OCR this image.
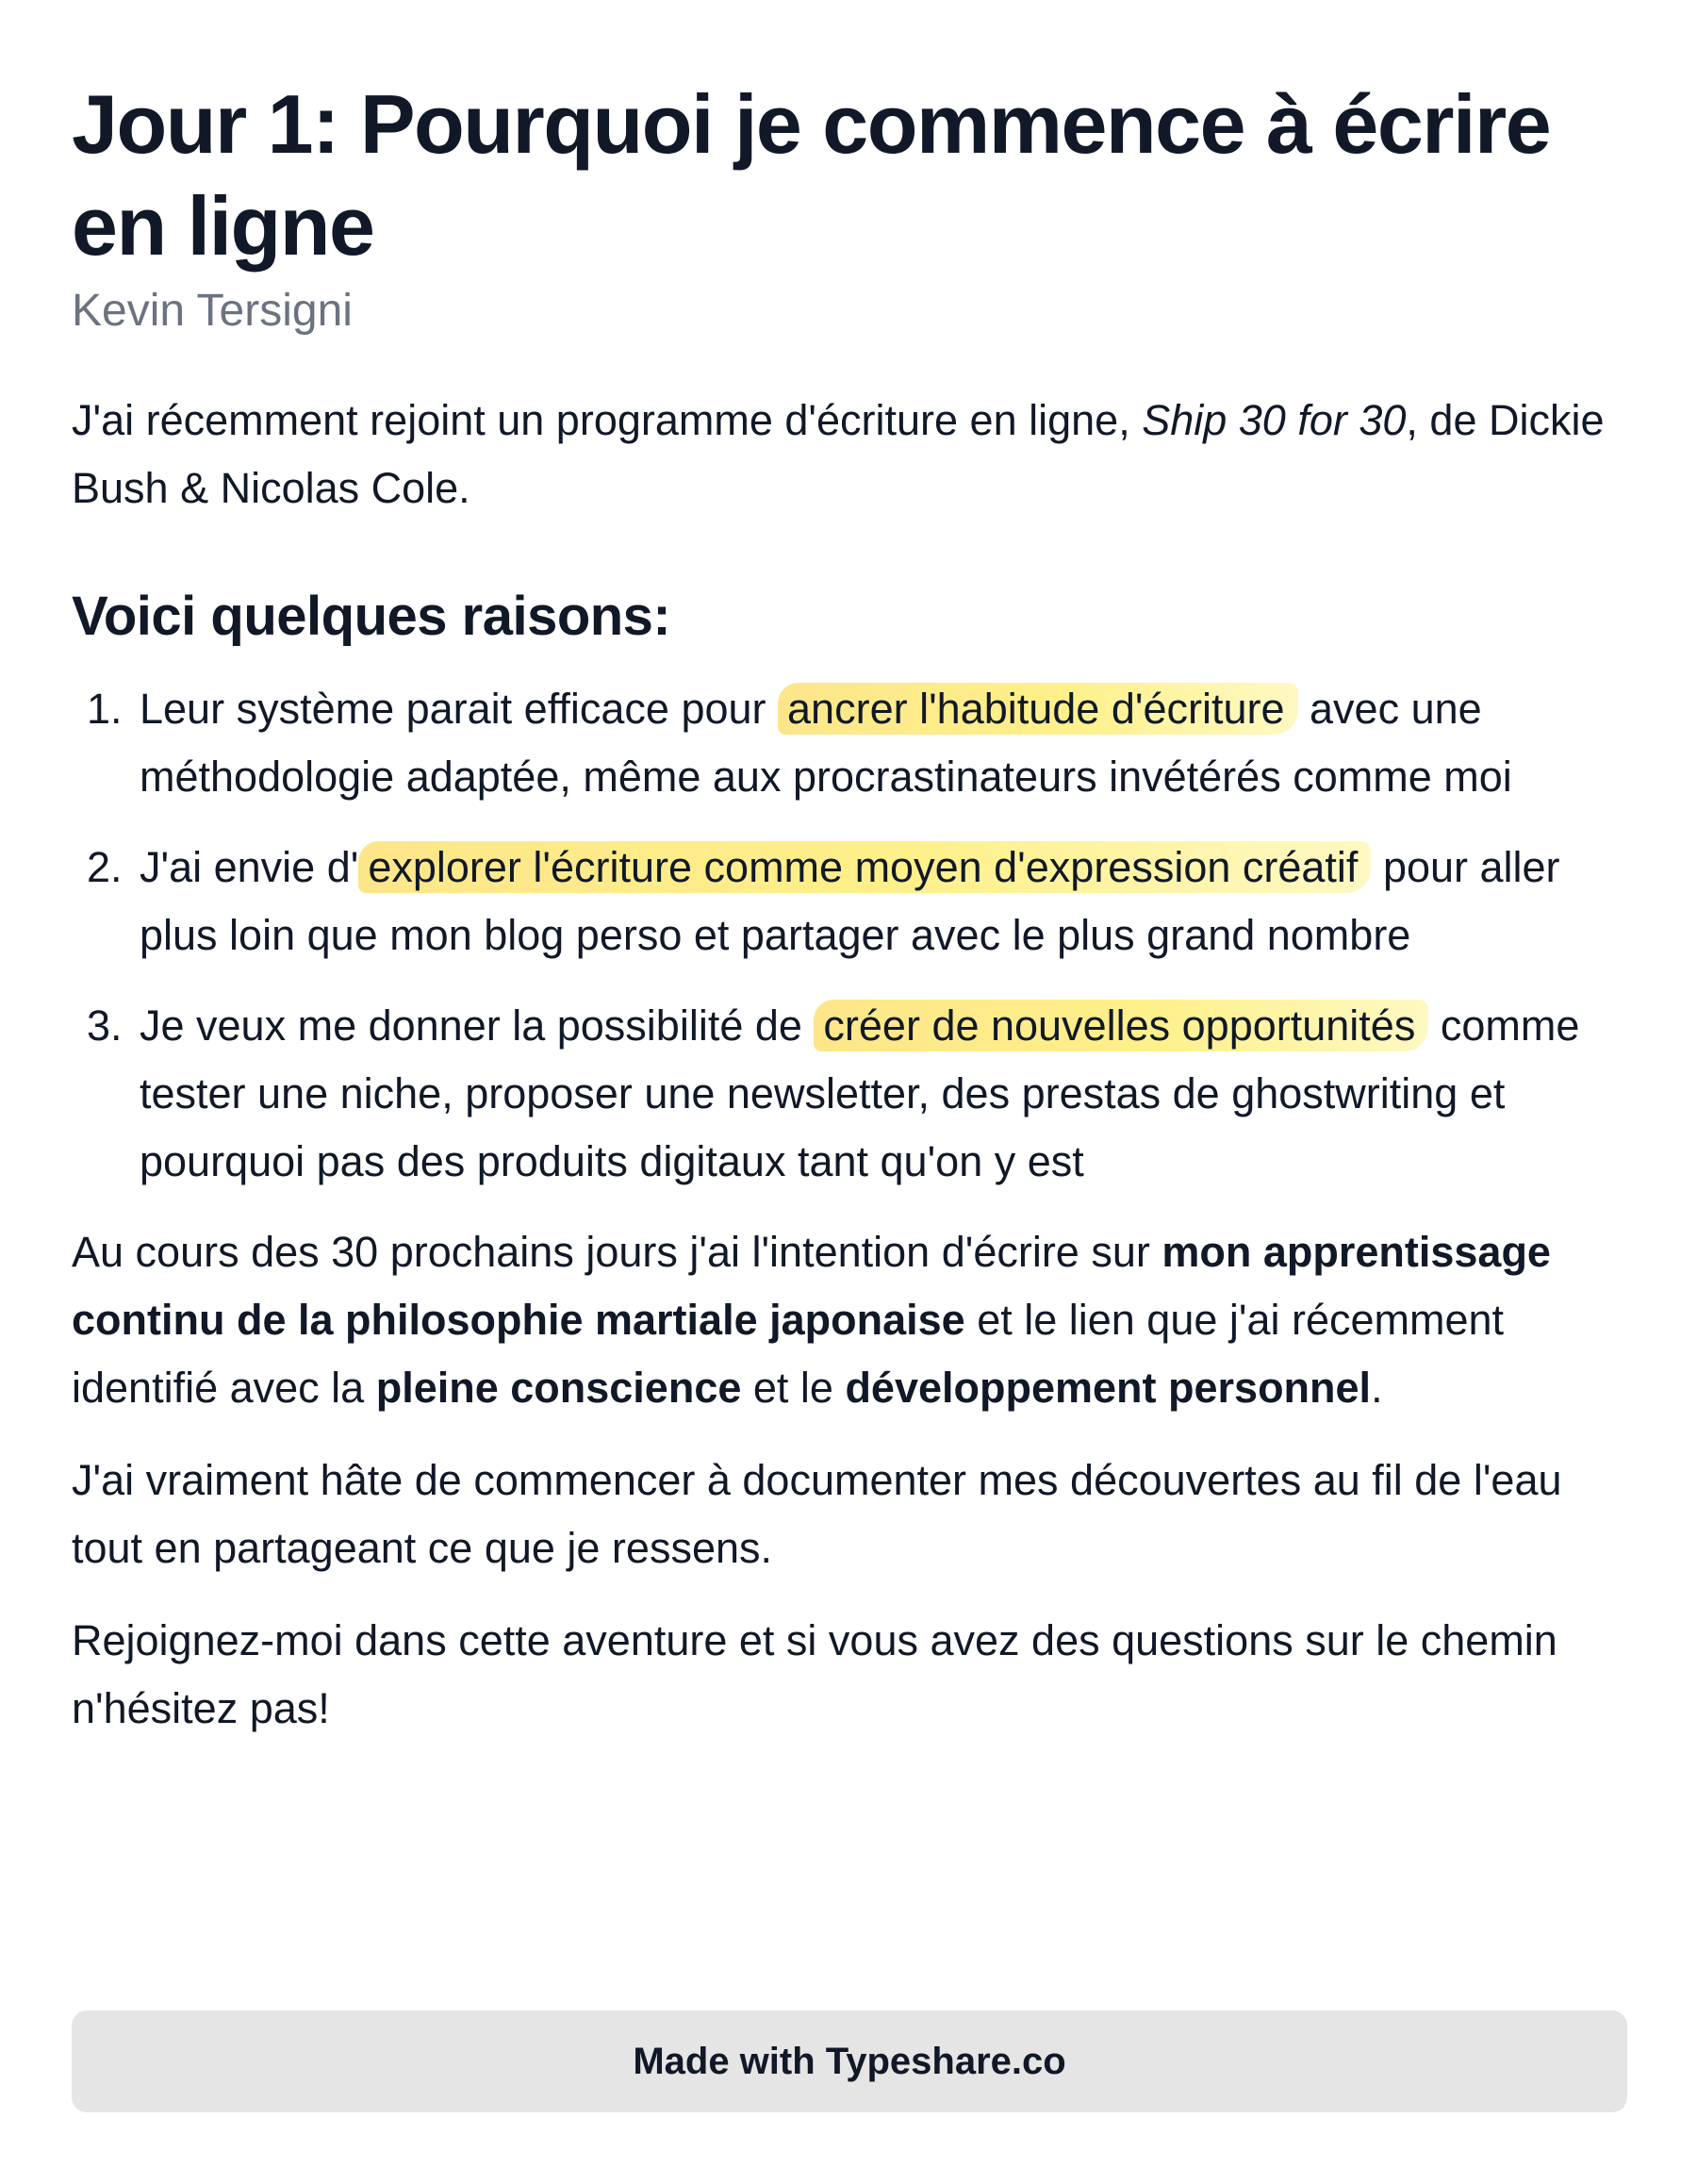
Jour 1: Pourquoi je commence à écrire en ligne
Kevin Tersigni

J'ai récemment rejoint un programme d'écriture en ligne, Ship 30 for 30, de Dickie Bush & Nicolas Cole.

Voici quelques raisons:
1. Leur système parait efficace pour ancrer l'habitude d'écriture avec une méthodologie adaptée, même aux procrastinateurs invétérés comme moi
2. J'ai envie d' explorer l'écriture comme moyen d'expression créatif pour aller plus loin que mon blog perso et partager avec le plus grand nombre
3. Je veux me donner la possibilité de créer de nouvelles opportunités comme tester une niche, proposer une newsletter, des prestas de ghostwriting et pourquoi pas des produits digitaux tant qu'on y est

Au cours des 30 prochains jours j'ai l'intention d'écrire sur mon apprentissage continu de la philosophie martiale japonaise et le lien que j'ai récemment identifié avec la pleine conscience et le développement personnel.

J'ai vraiment hâte de commencer à documenter mes découvertes au fil de l'eau tout en partageant ce que je ressens.

Rejoignez-moi dans cette aventure et si vous avez des questions sur le chemin n'hésitez pas!

Made with Typeshare.co
